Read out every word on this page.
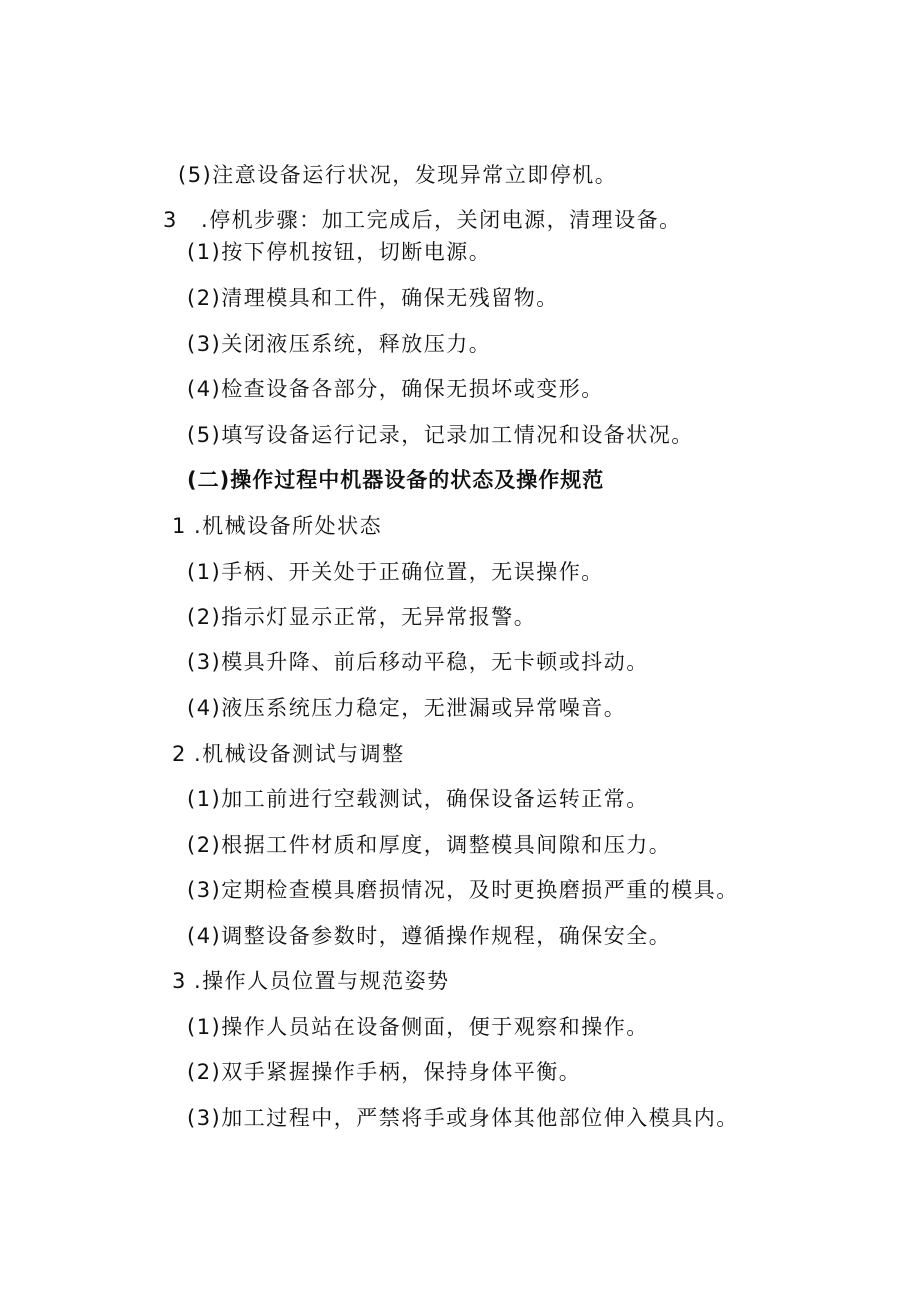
(5)注意设备运行状况，发现异常立即停机。
3 .停机步骤：加工完成后，关闭电源，清理设备。
(1)按下停机按钮，切断电源。
(2)清理模具和工件，确保无残留物。
(3)关闭液压系统，释放压力。
(4)检查设备各部分，确保无损坏或变形。
(5)填写设备运行记录，记录加工情况和设备状况。
(二)操作过程中机器设备的状态及操作规范
1 .机械设备所处状态
(1)手柄、开关处于正确位置，无误操作。
(2)指示灯显示正常，无异常报警。
(3)模具升降、前后移动平稳，无卡顿或抖动。
(4)液压系统压力稳定，无泄漏或异常噪音。
2 .机械设备测试与调整
(1)加工前进行空载测试，确保设备运转正常。
(2)根据工件材质和厚度，调整模具间隙和压力。
(3)定期检查模具磨损情况，及时更换磨损严重的模具。
(4)调整设备参数时，遵循操作规程，确保安全。
3 .操作人员位置与规范姿势
(1)操作人员站在设备侧面，便于观察和操作。
(2)双手紧握操作手柄，保持身体平衡。
(3)加工过程中，严禁将手或身体其他部位伸入模具内。
